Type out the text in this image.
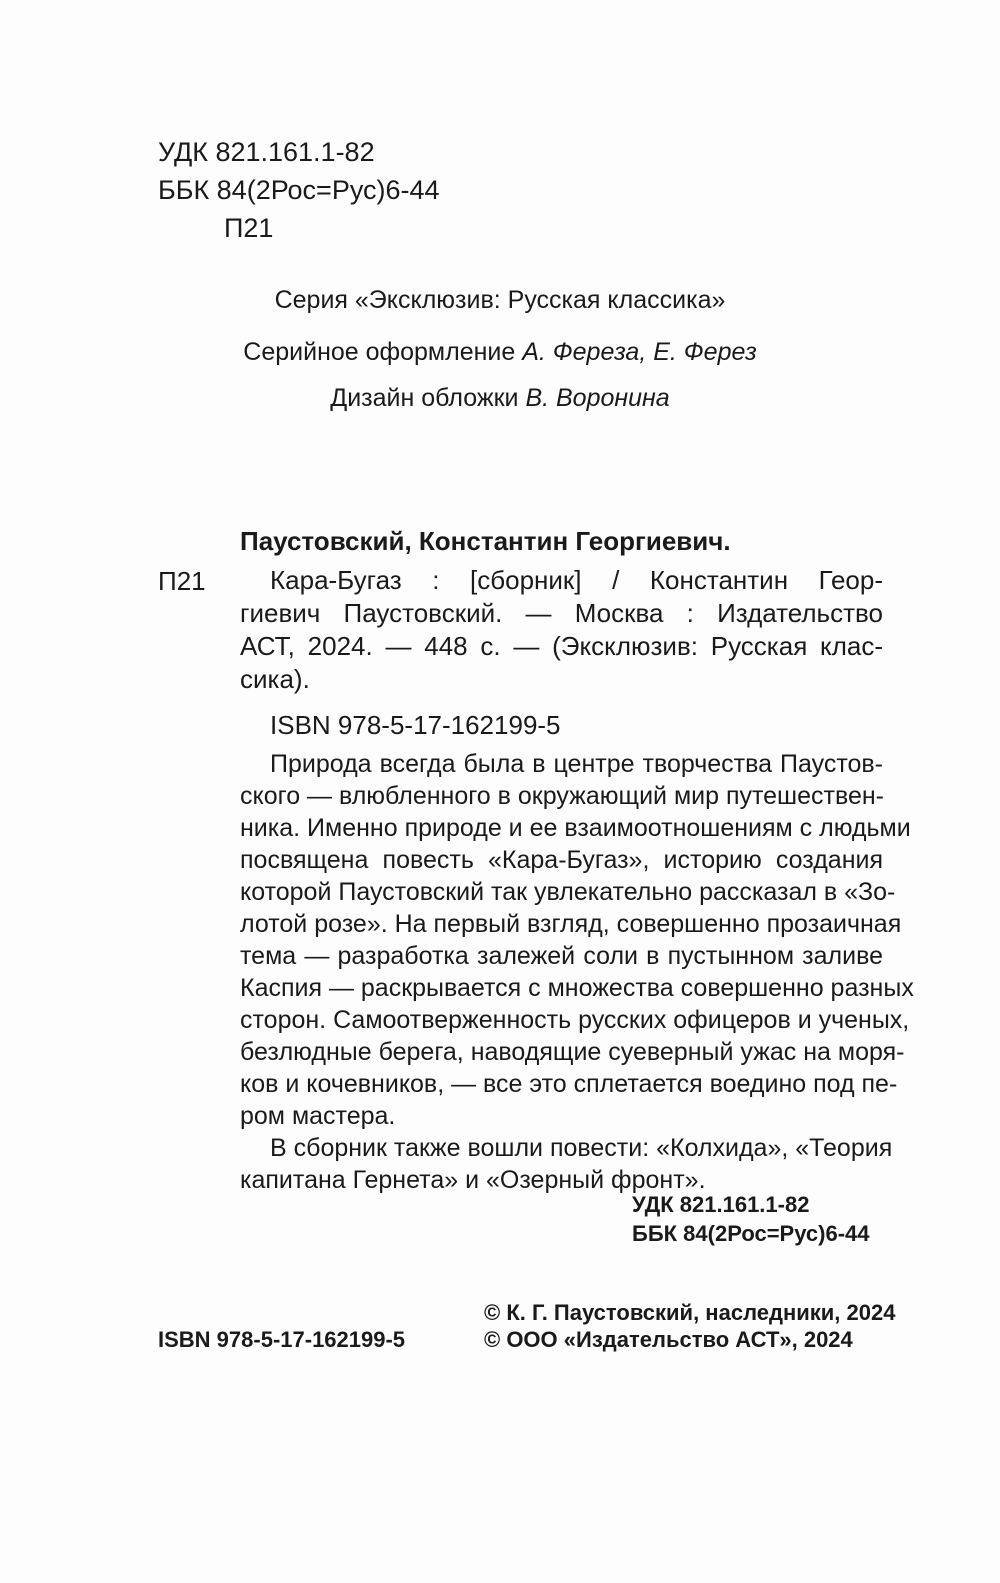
УДК 821.161.1-82
ББК 84(2Рос=Рус)6-44
П21
Серия «Эксклюзив: Русская классика»
Серийное оформление А. Фереза, Е. Ферез
Дизайн обложки В. Воронина
Паустовский, Константин Георгиевич.
П21	Кара-Бугаз : [сборник] / Константин Геор-
гиевич Паустовский. — Москва : Издательство
АСТ, 2024. — 448 с. — (Эксклюзив: Русская клас-
сика).
ISBN 978-5-17-162199-5
Природа всегда была в центре творчества Паустов-
ского — влюбленного в окружающий мир путешествен-
ника. Именно природе и ее взаимоотношениям с людьми
посвящена повесть «Кара-Бугаз», историю создания
которой Паустовский так увлекательно рассказал в «Зо-
лотой розе». На первый взгляд, совершенно прозаичная
тема — разработка залежей соли в пустынном заливе
Каспия — раскрывается с множества совершенно разных
сторон. Самоотверженность русских офицеров и ученых,
безлюдные берега, наводящие суеверный ужас на моря-
ков и кочевников, — все это сплетается воедино под пе-
ром мастера.
В сборник также вошли повести: «Колхида», «Теория
капитана Гернета» и «Озерный фронт».
УДК 821.161.1-82
ББК 84(2Рос=Рус)6-44
ISBN 978-5-17-162199-5
© К. Г. Паустовский, наследники, 2024
© ООО «Издательство АСТ», 2024
